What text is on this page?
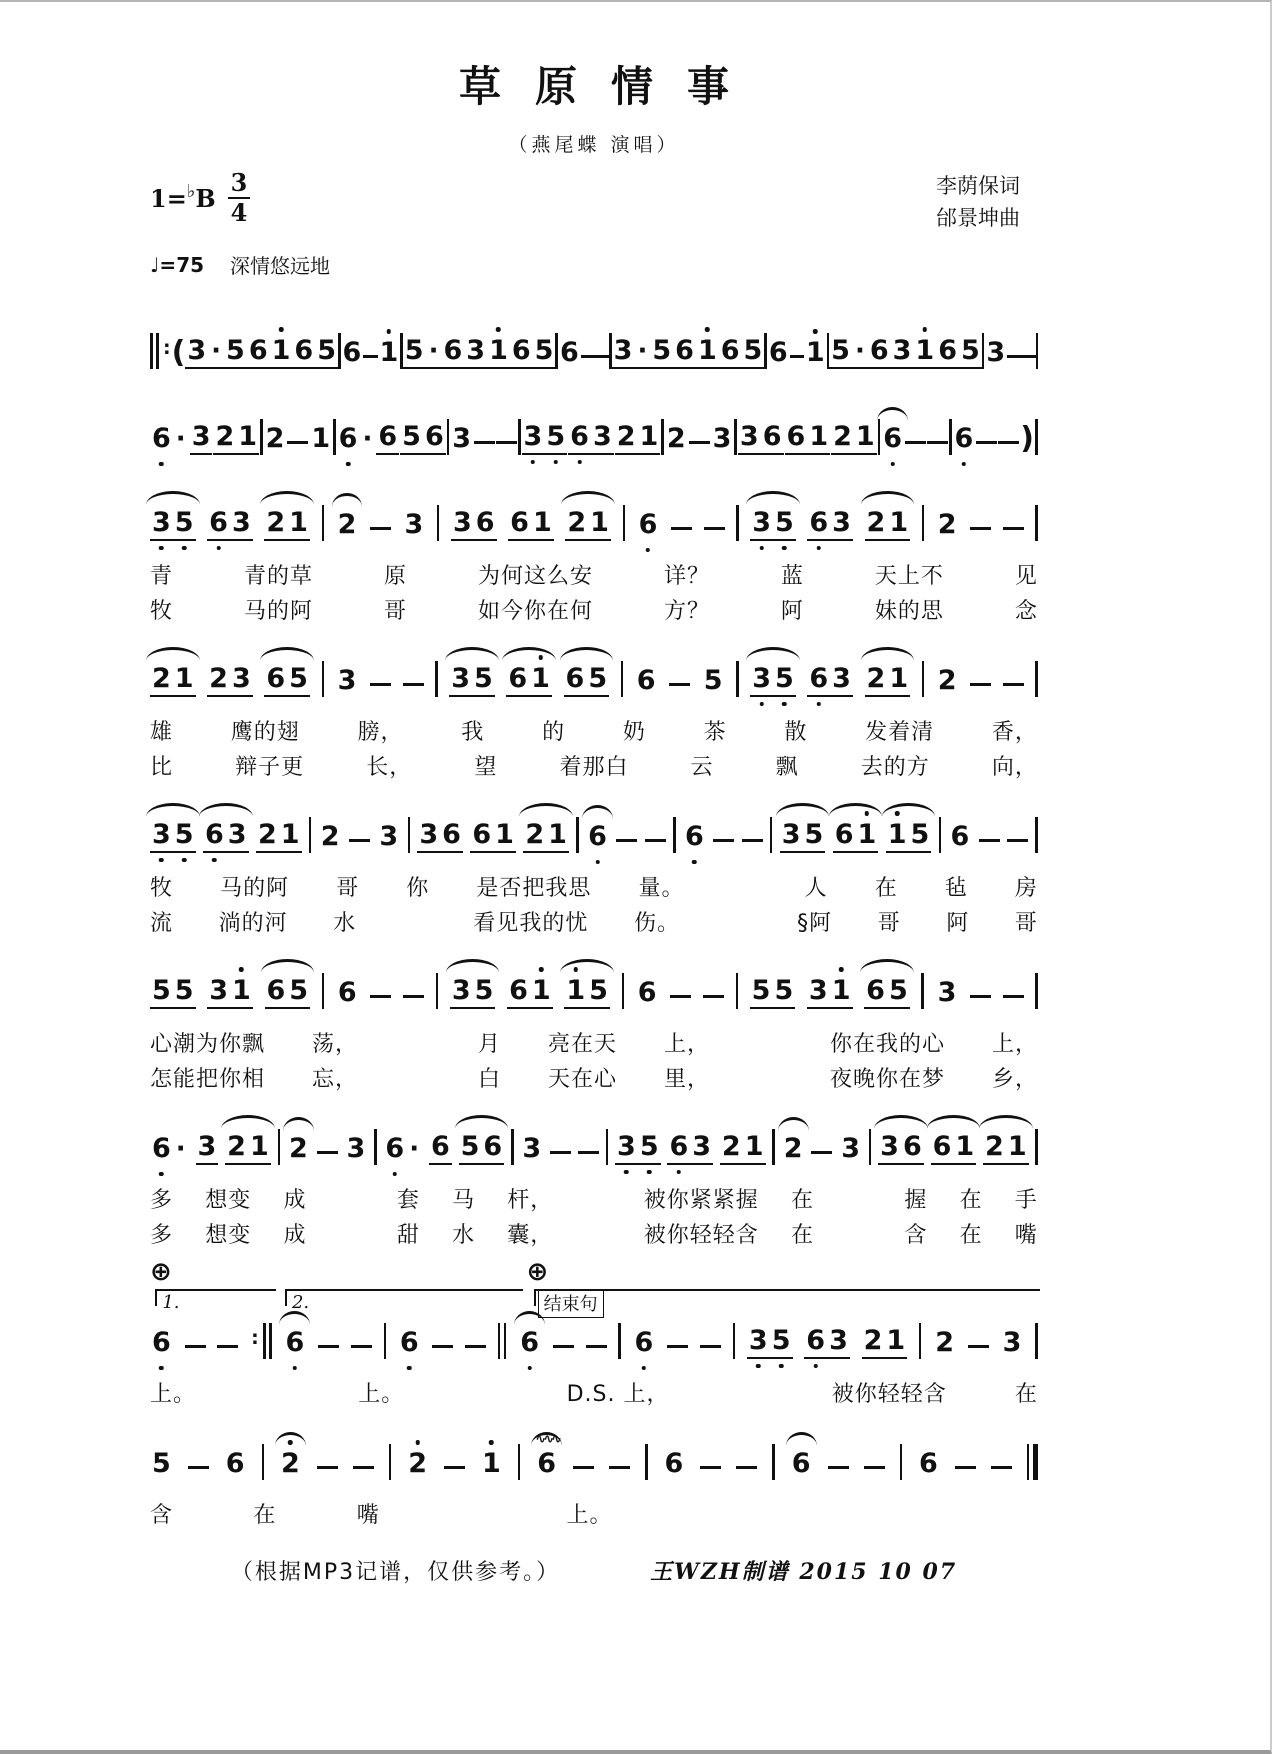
草原情事
（燕尾蝶 演唱）
1= ♭ B $\frac{3}{4}$	李荫保词
邰景坤曲
♩=75 深情悠远地
: ( 3 · 5 6 1 6 5 6 1 5 · 6 3 1 6 5 6 3 · 5 6 1 6 5 6 1 5 · 6 3 1 6 5 3
6 · 3 2 1 2 1 6 · 6 5 6 3 3 5 6 3 2 1 2 3 3 6 6 1 2 1 6 6 )
3 5 6 3 2 1 2 3 3 6 6 1 2 1 6	3 5 6 3 2 1 2
青	青的草	原	为何这么安	详？	蓝	天上不	见
牧	马的阿	哥	如今你在何	方？	阿	妹的思	念
2 1 2 3 6 5 3	3 5 6 1 6 5 6 5 3 5 6 3 2 1 2
雄	鹰的翅	膀，	我	的	奶	茶	散	发着清	香，
比	辩子更	长，	望	着那白	云	飘	去的方	向，
3 5 6 3 2 1 2 3 3 6 6 1 2 1 6	6	3 5 6 1 1 5 6
牧 马的阿 哥 你 是否把我思 量。	人 在 毡 房
流 淌的河 水	看见我的忧 伤。	§阿 哥 阿 哥
5 5 3 1 6 5 6	3 5 6 1 1 5 6	5 5 3 1 6 5 3
心潮为你飘 荡，	月 亮在天 上，	你在我的心 上，
怎能把你相 忘，	白 天在心 里，	夜晚你在梦 乡，
6 · 3 2 1 2 3 6 · 6 5 6 3	3 5 6 3 2 1 2 3 3 6 6 1 2 1
多 想变 成	套 马 杆，	被你紧紧握 在	握 在 手
多 想变 成	甜 水 囊，	被你轻轻含 在	含 在 嘴
⊕	⊕
1.	2.	结束句
6	: 6	6	6	6	3 5 6 3 2 1 2 3
上。	上。	D.S. 上，	被你轻轻含	在
5 6 2	2 1 6
∿∿∿
6	6	6
含	在	嘴	上。
（根据MP3记谱，仅供参考。）	王WZH制谱 2015 10 07
